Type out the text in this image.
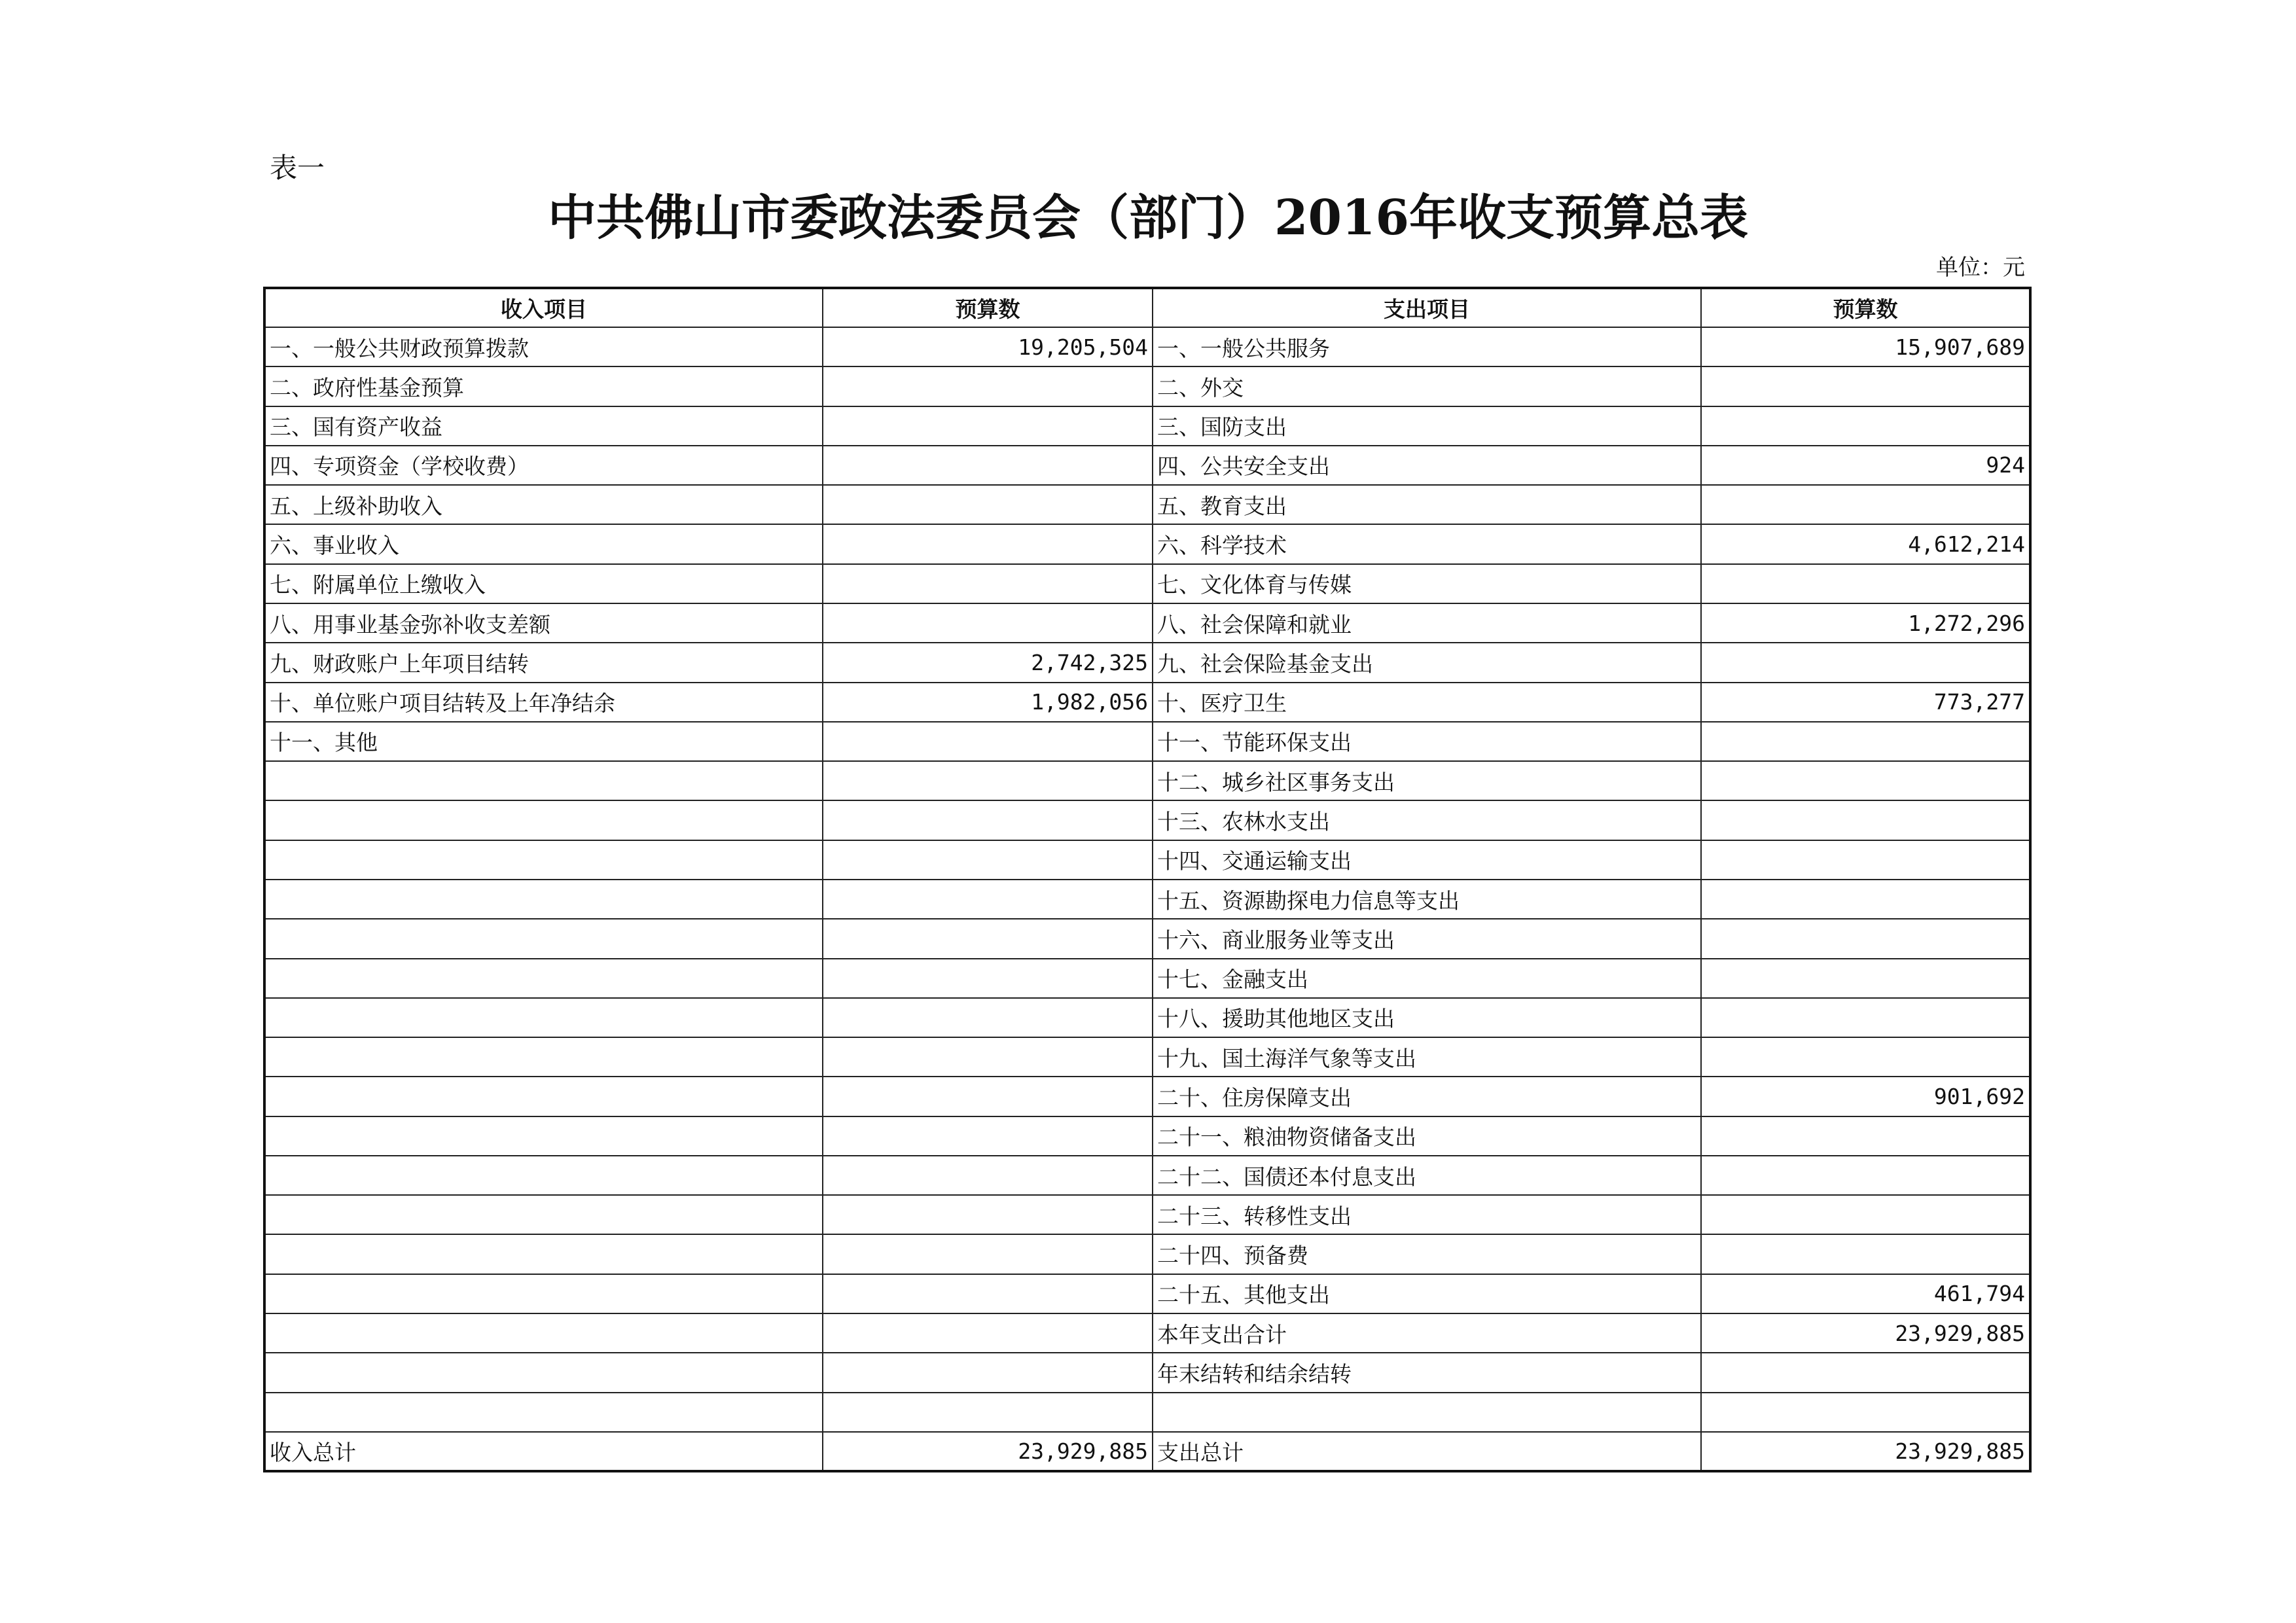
表一
中共佛山市委政法委员会（部门）2016年收支预算总表
单位：元
收入项目	预算数	支出项目	预算数
一、一般公共财政预算拨款	19,205,504	一、一般公共服务	15,907,689
二、政府性基金预算		二、外交	
三、国有资产收益		三、国防支出	
四、专项资金（学校收费）		四、公共安全支出	924
五、上级补助收入		五、教育支出	
六、事业收入		六、科学技术	4,612,214
七、附属单位上缴收入		七、文化体育与传媒	
八、用事业基金弥补收支差额		八、社会保障和就业	1,272,296
九、财政账户上年项目结转	2,742,325	九、社会保险基金支出	
十、单位账户项目结转及上年净结余	1,982,056	十、医疗卫生	773,277
十一、其他		十一、节能环保支出	
		十二、城乡社区事务支出	
		十三、农林水支出	
		十四、交通运输支出	
		十五、资源勘探电力信息等支出	
		十六、商业服务业等支出	
		十七、金融支出	
		十八、援助其他地区支出	
		十九、国土海洋气象等支出	
		二十、住房保障支出	901,692
		二十一、粮油物资储备支出	
		二十二、国债还本付息支出	
		二十三、转移性支出	
		二十四、预备费	
		二十五、其他支出	461,794
		本年支出合计	23,929,885
		年末结转和结余结转	

收入总计	23,929,885	支出总计	23,929,885
